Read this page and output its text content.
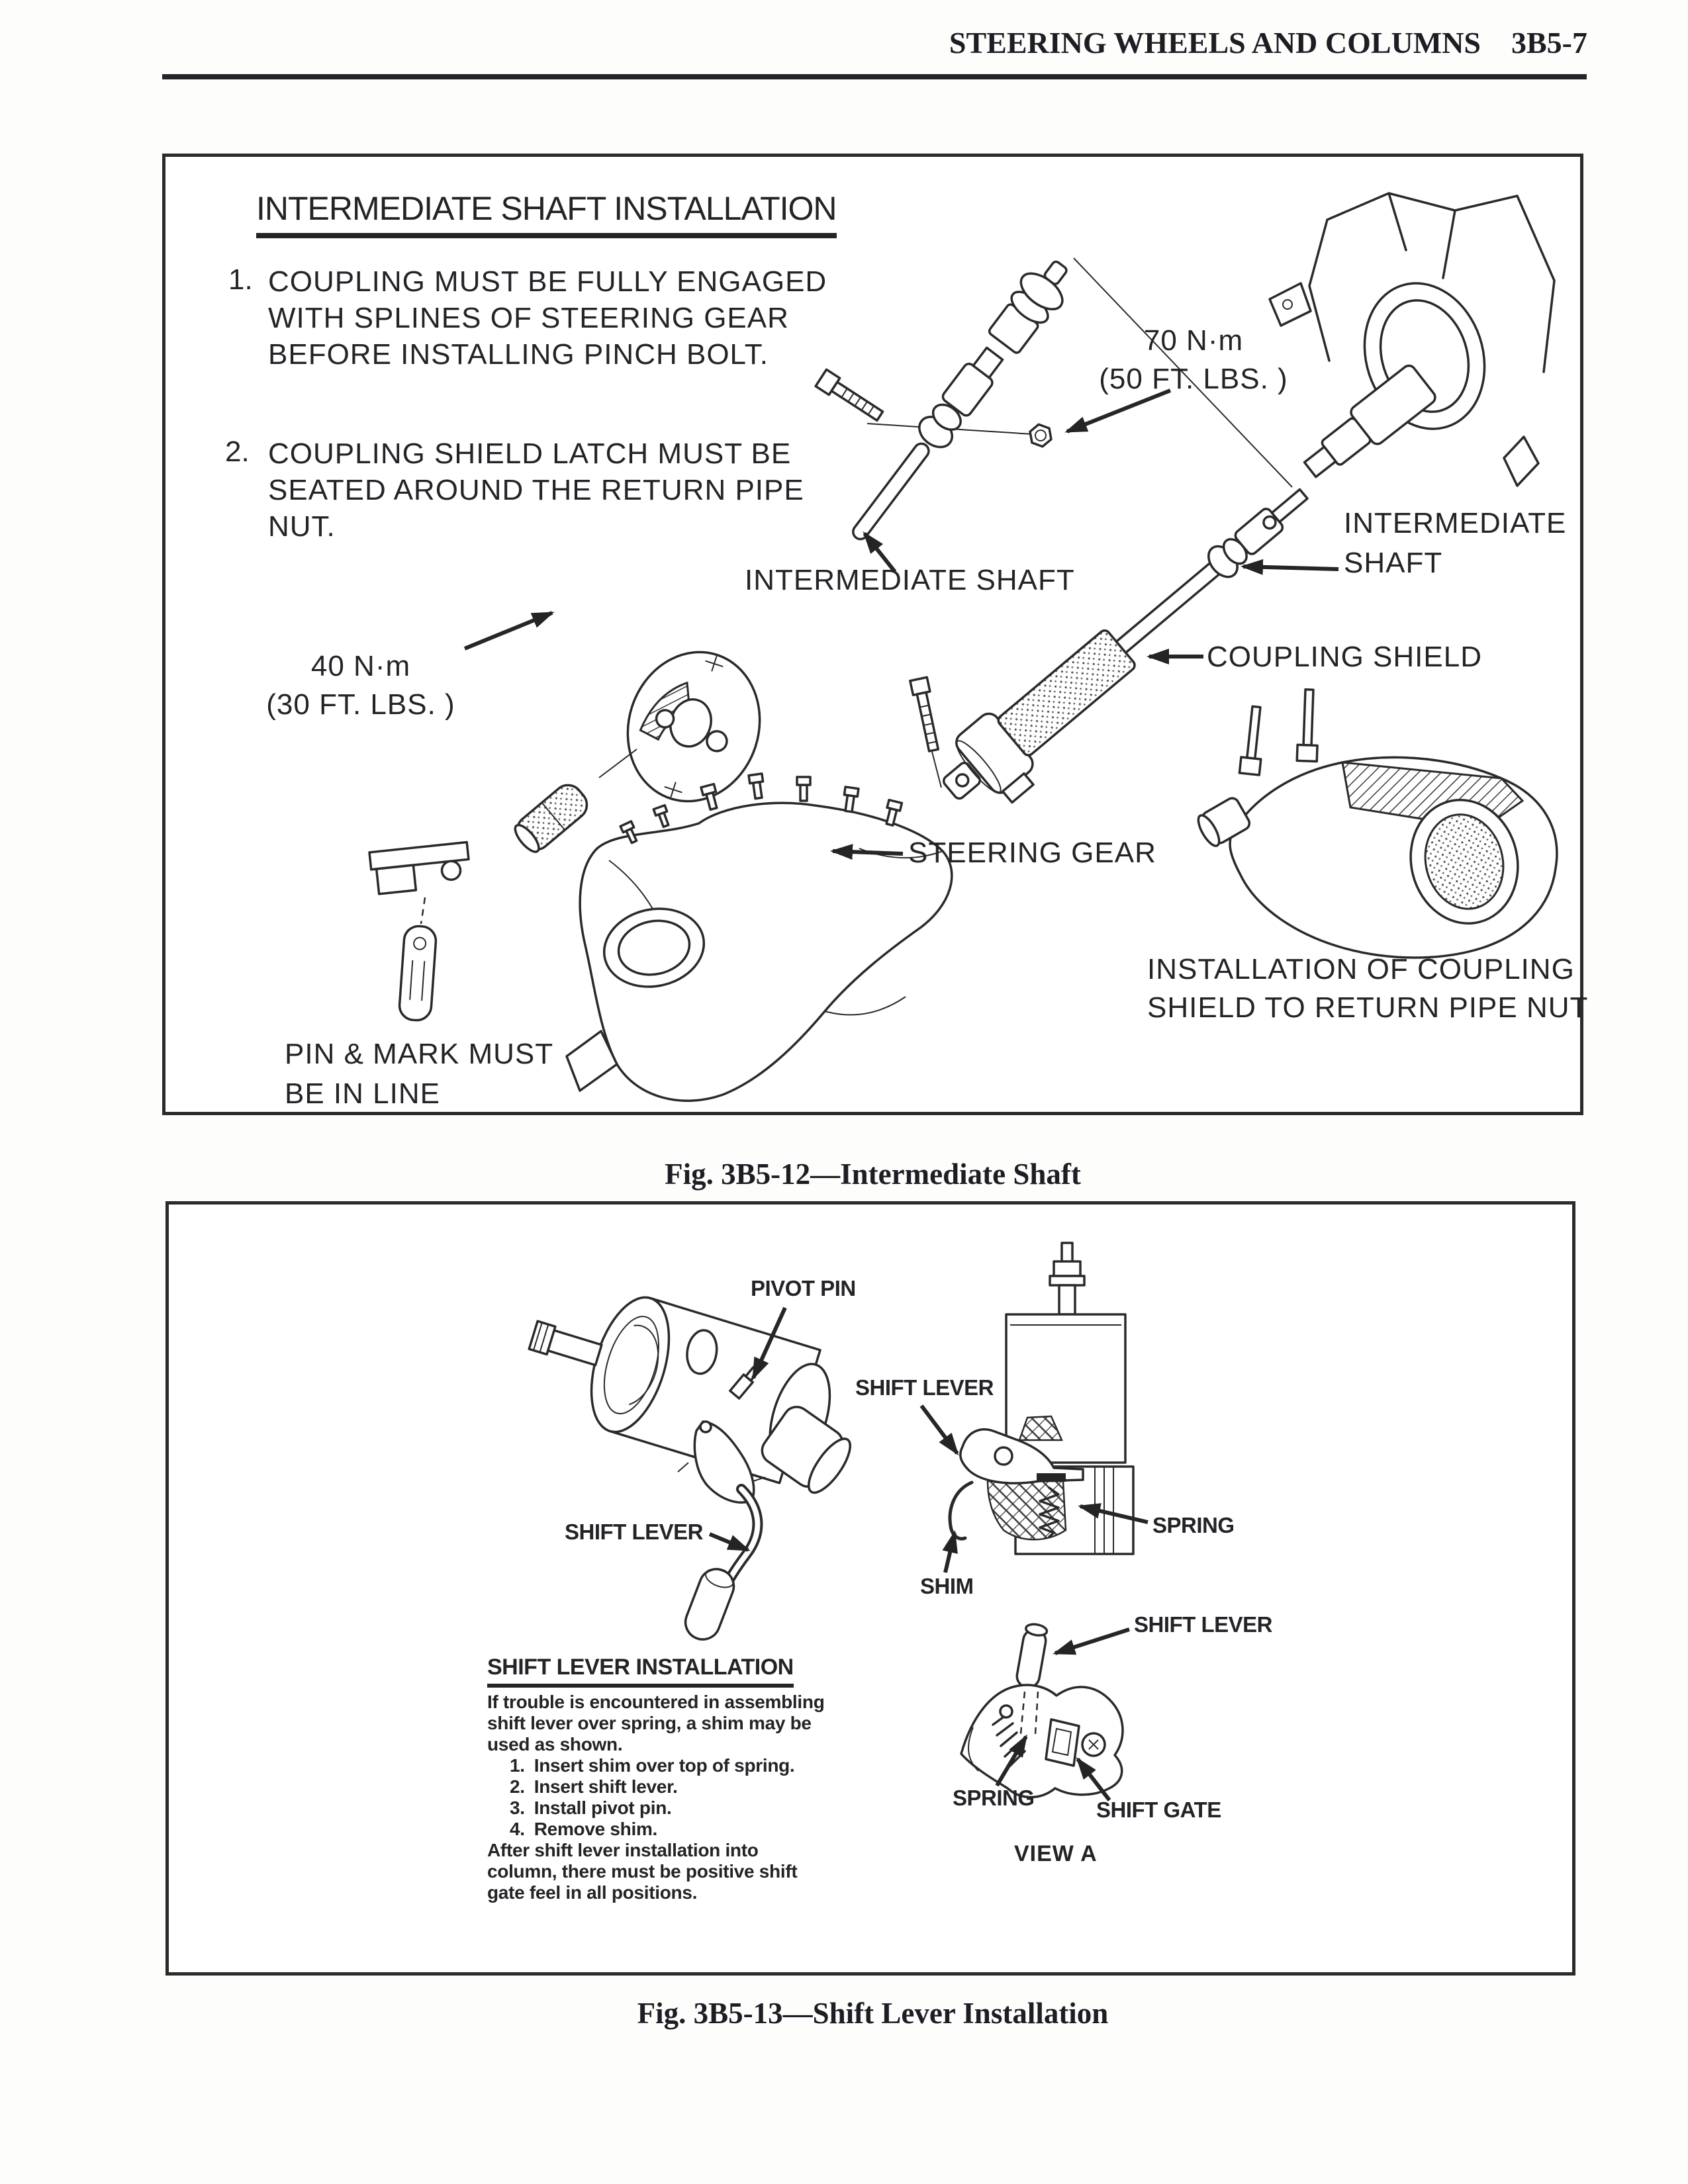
STEERING WHEELS AND COLUMNS 3B5-7
INTERMEDIATE SHAFT INSTALLATION
1. COUPLING MUST BE FULLY ENGAGED
WITH SPLINES OF STEERING GEAR
BEFORE INSTALLING PINCH BOLT.
2. COUPLING SHIELD LATCH MUST BE
SEATED AROUND THE RETURN PIPE
NUT.
70 N·m
(50 FT. LBS. )
40 N·m
(30 FT. LBS. )
INTERMEDIATE SHAFT
INTERMEDIATE
SHAFT
COUPLING SHIELD
STEERING GEAR
PIN & MARK MUST
BE IN LINE
INSTALLATION OF COUPLING
SHIELD TO RETURN PIPE NUT
Fig. 3B5-12—Intermediate Shaft
PIVOT PIN
SHIFT LEVER
SHIFT LEVER
SPRING
SHIM
SHIFT LEVER
SPRING	SHIFT GATE
VIEW A
SHIFT LEVER INSTALLATION
If trouble is encountered in assembling
shift lever over spring, a shim may be
used as shown.
1. Insert shim over top of spring.
2. Insert shift lever.
3. Install pivot pin.
4. Remove shim.
After shift lever installation into
column, there must be positive shift
gate feel in all positions.
Fig. 3B5-13—Shift Lever Installation
